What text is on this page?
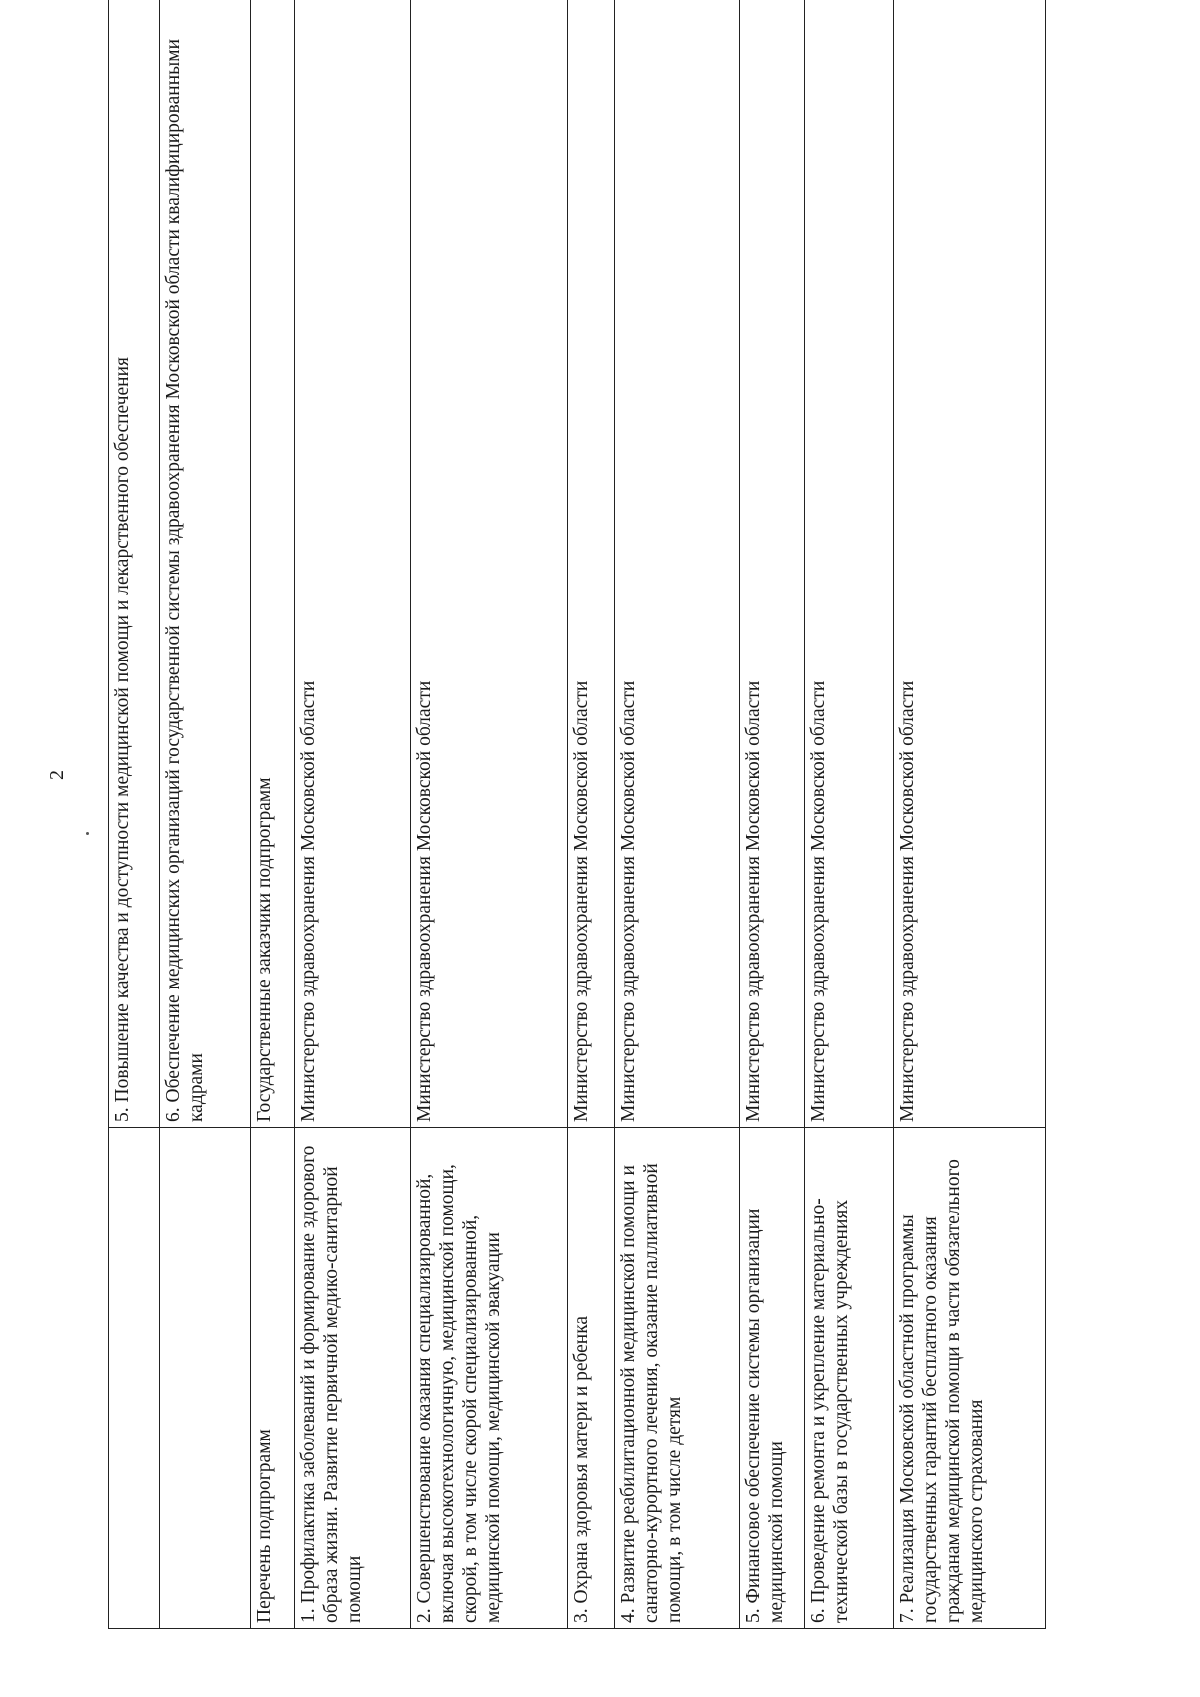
2
		5. Повышение качества и доступности медицинской помощи и лекарственного обеспечения
	6. Обеспечение медицинских организаций государственной системы здравоохранения Московской области квалифицированными кадрами
Перечень подпрограмм	Государственные заказчики подпрограмм
1. Профилактика заболеваний и формирование здорового образа жизни. Развитие первичной медико-санитарной помощи	Министерство здравоохранения Московской области
2. Совершенствование оказания специализированной, включая высокотехнологичную, медицинской помощи, скорой, в том числе скорой специализированной, медицинской помощи, медицинской эвакуации	Министерство здравоохранения Московской области
3. Охрана здоровья матери и ребенка	Министерство здравоохранения Московской области
4. Развитие реабилитационной медицинской помощи и санаторно-курортного лечения, оказание паллиативной помощи, в том числе детям	Министерство здравоохранения Московской области
5. Финансовое обеспечение системы организации медицинской помощи	Министерство здравоохранения Московской области
6. Проведение ремонта и укрепление материально-технической базы в государственных учреждениях	Министерство здравоохранения Московской области
7. Реализация Московской областной программы государственных гарантий бесплатного оказания гражданам медицинской помощи в части обязательного медицинского страхования	Министерство здравоохранения Московской области
